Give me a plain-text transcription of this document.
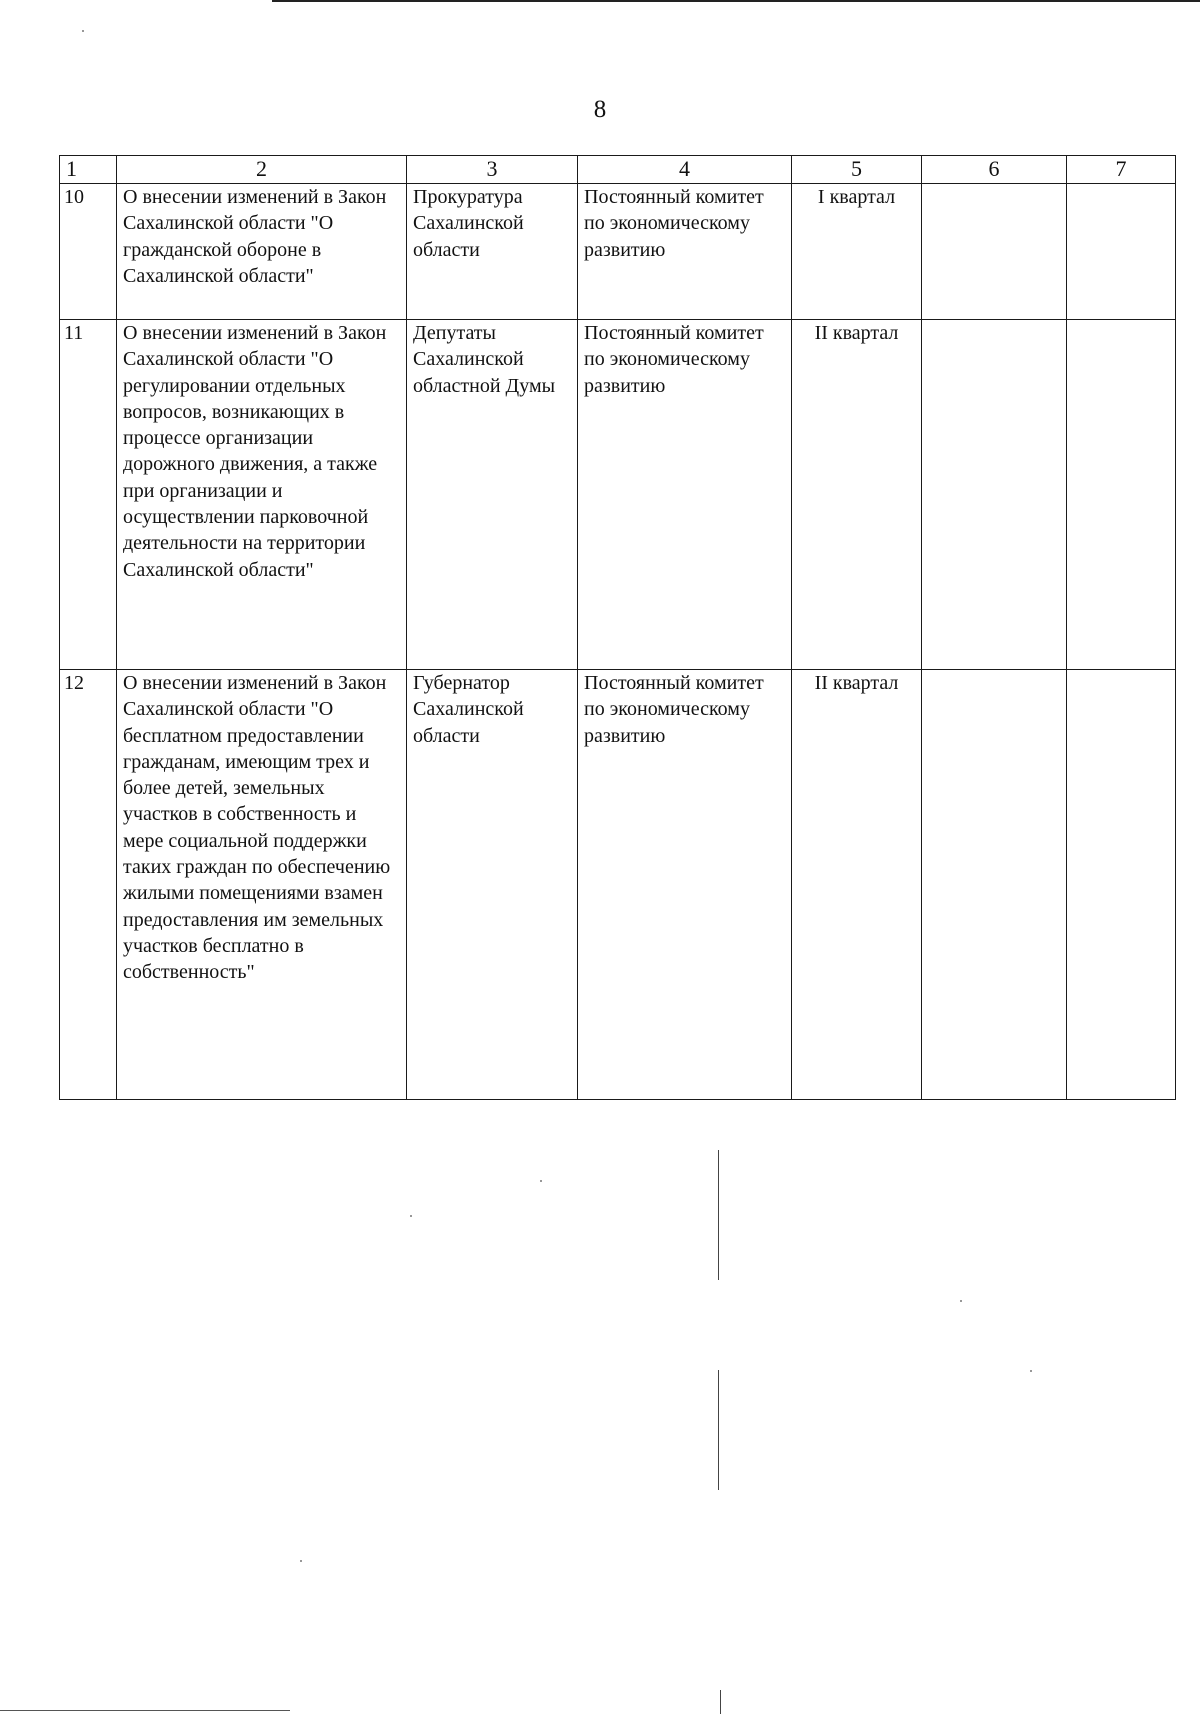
8
1	2	3	4	5	6	7
10	О внесении изменений в Закон Сахалинской области "О гражданской обороне в Сахалинской области"	Прокуратура Сахалинской области	Постоянный комитет по экономическому развитию	I квартал		
11	О внесении изменений в Закон Сахалинской области "О регулировании отдельных вопросов, возникающих в процессе организации дорожного движения, а также при организации и осуществлении парковочной деятельности на территории Сахалинской области"	Депутаты Сахалинской областной Думы	Постоянный комитет по экономическому развитию	II квартал		
12	О внесении изменений в Закон Сахалинской области "О бесплатном предоставлении гражданам, имеющим трех и более детей, земельных участков в собственность и мере социальной поддержки таких граждан по обеспечению жилыми помещениями взамен предоставления им земельных участков бесплатно в собственность"	Губернатор Сахалинской области	Постоянный комитет по экономическому развитию	II квартал		
